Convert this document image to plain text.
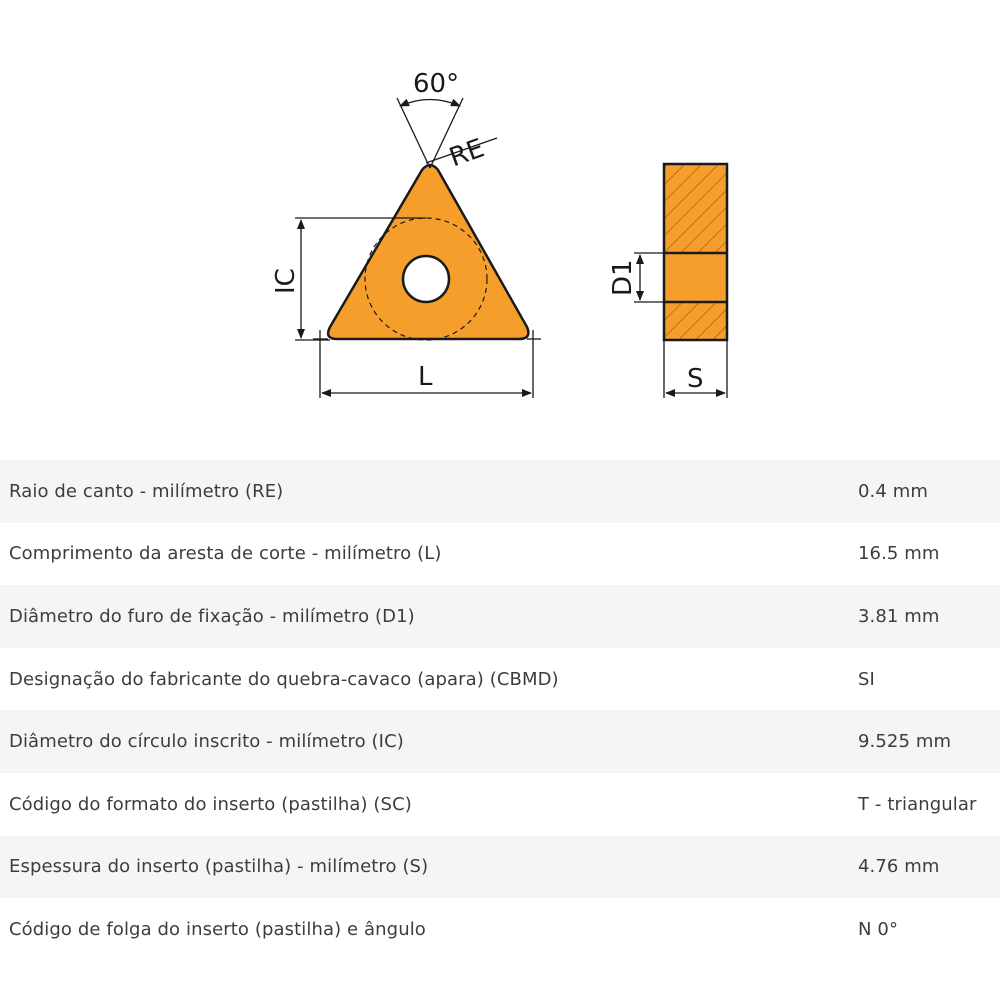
60°
RE
IC
L
D1
S
Raio de canto - milímetro (RE)	0.4 mm
Comprimento da aresta de corte - milímetro (L)	16.5 mm
Diâmetro do furo de fixação - milímetro (D1)	3.81 mm
Designação do fabricante do quebra-cavaco (apara) (CBMD)	SI
Diâmetro do círculo inscrito - milímetro (IC)	9.525 mm
Código do formato do inserto (pastilha) (SC)	T - triangular
Espessura do inserto (pastilha) - milímetro (S)	4.76 mm
Código de folga do inserto (pastilha) e ângulo	N 0°
